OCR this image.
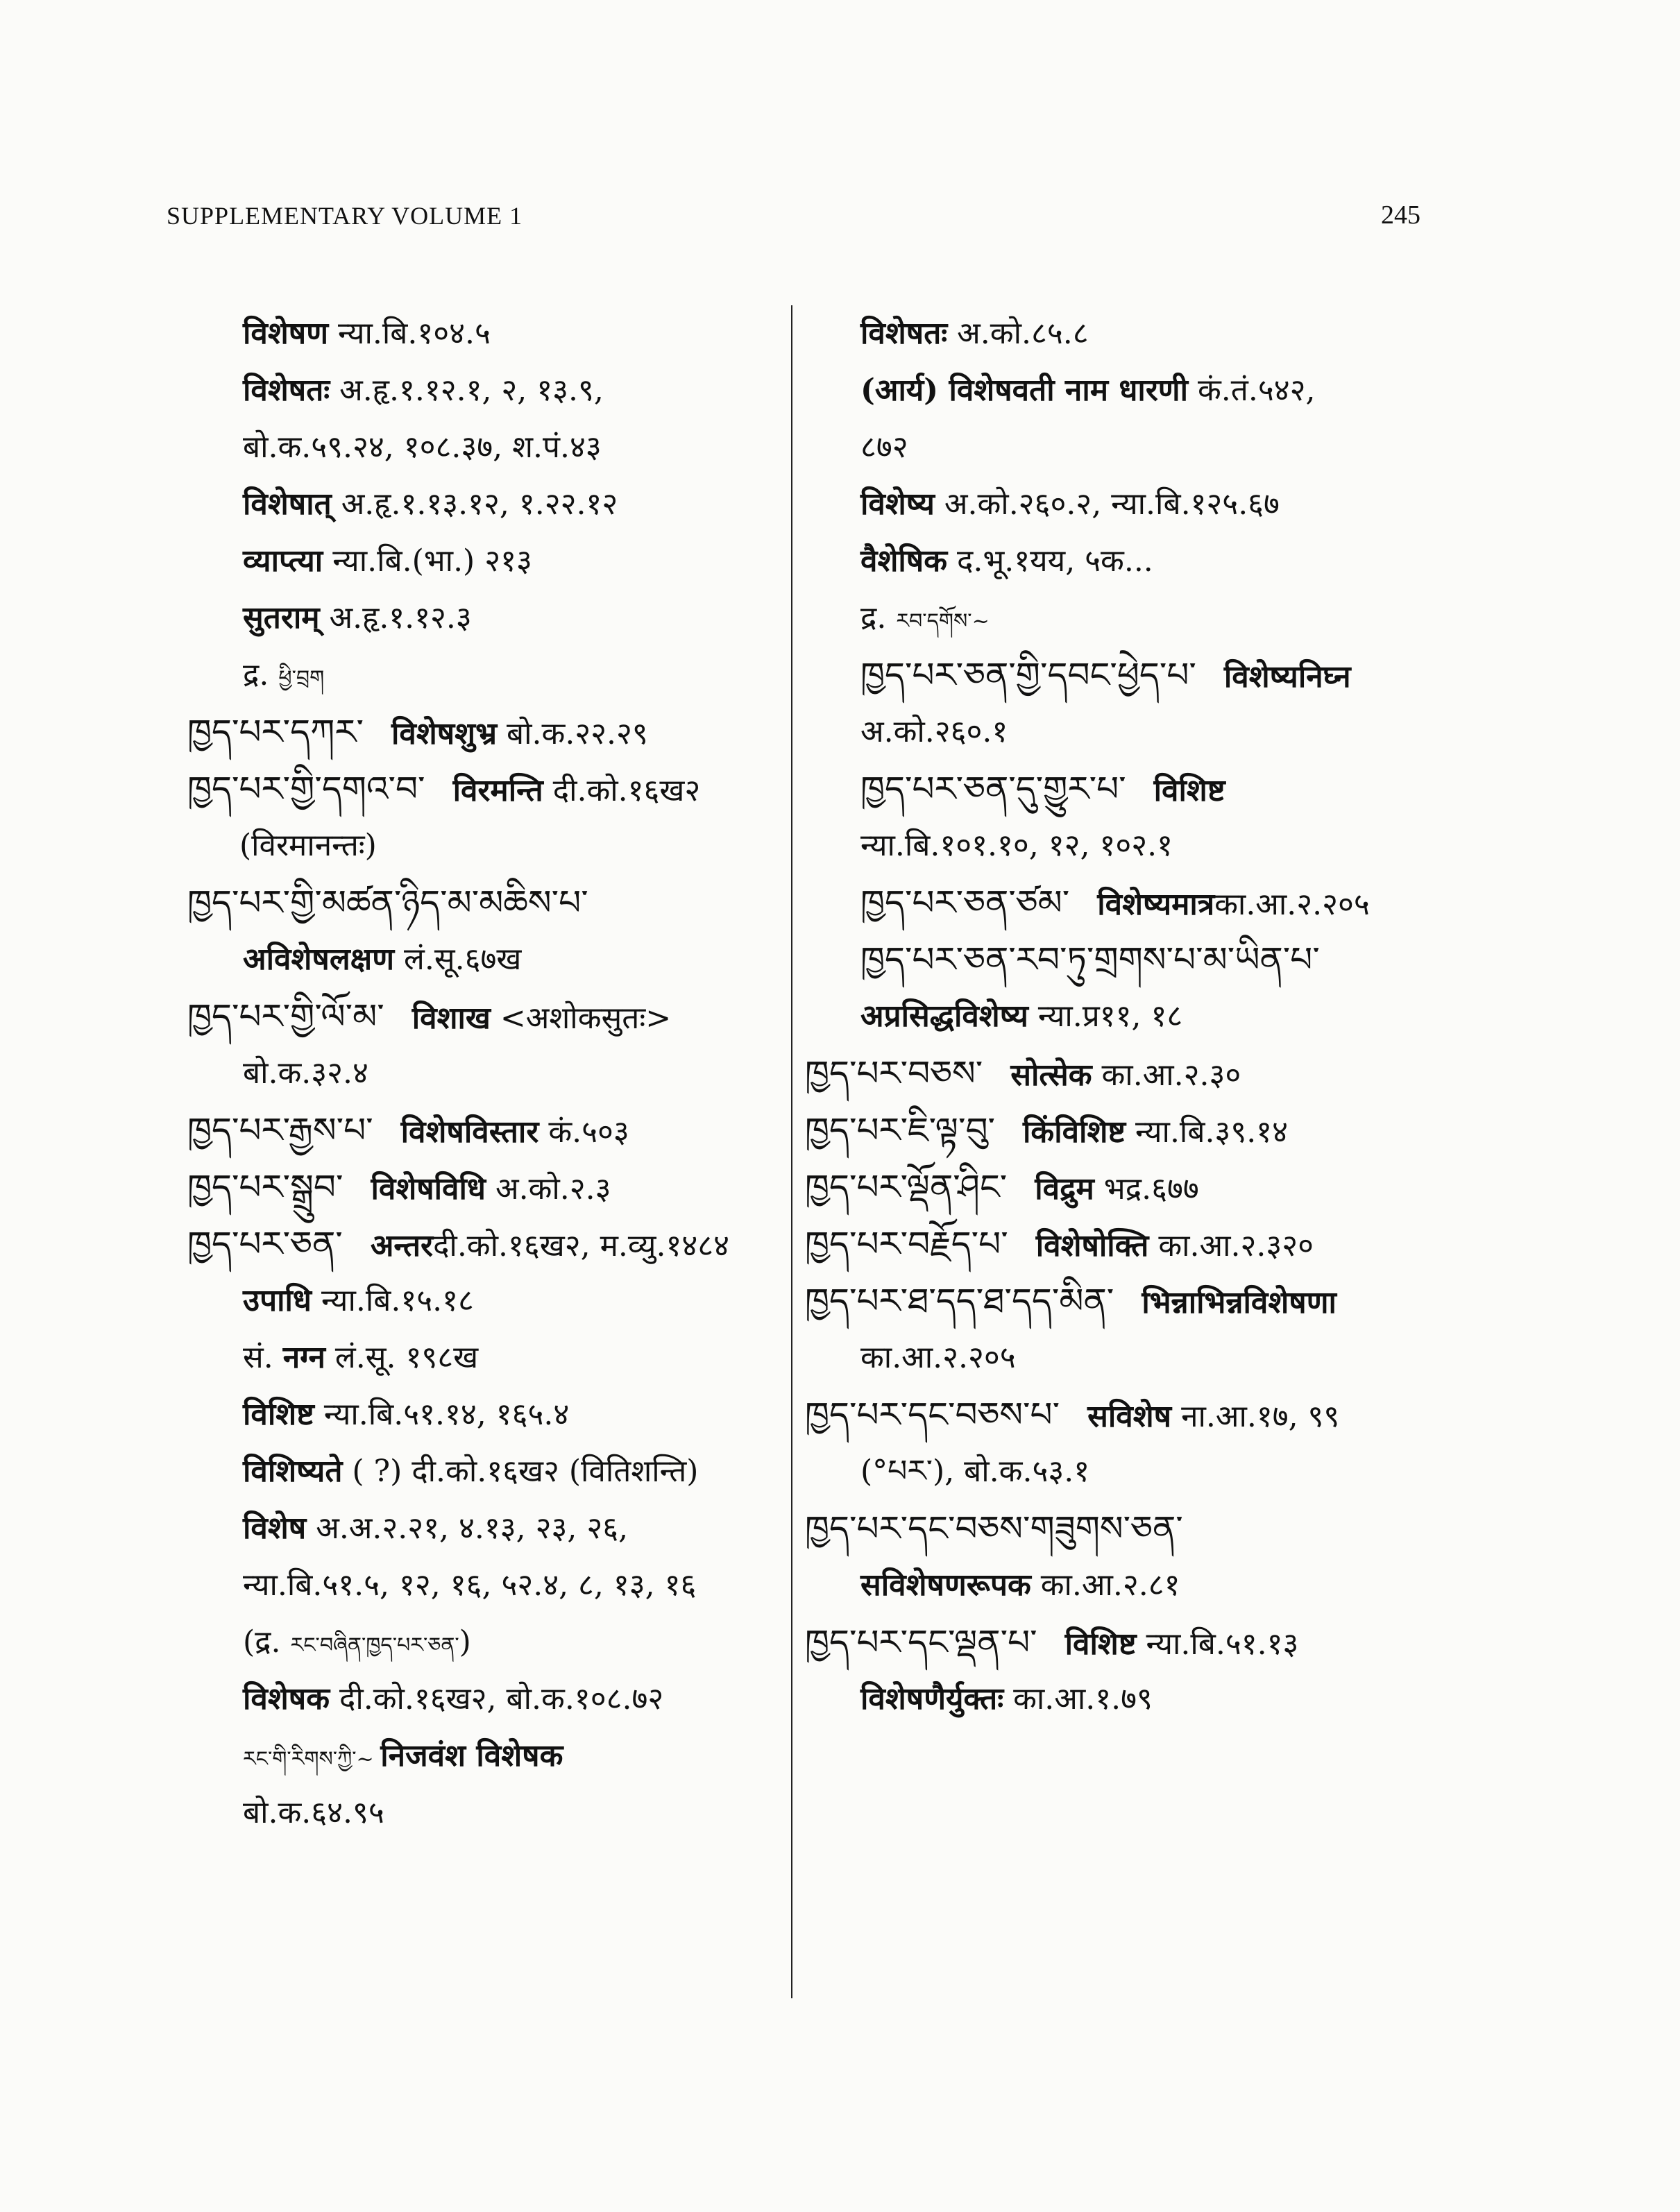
SUPPLEMENTARY VOLUME 1	245
विशेषण न्या.बि.१०४.५
विशेषतः अ.हृ.१.१२.१, २, १३.९,
बो.क.५९.२४, १०८.३७, श.पं.४३
विशेषात् अ.हृ.१.१३.१२, १.२२.१२
व्याप्त्या न्या.बि.(भा.) २१३
सुतराम् अ.हृ.१.१२.३
द्र. ཕྱི་བྲག
ཁྱད་པར་དཀར་ विशेषशुभ्र बो.क.२२.२९
ཁྱད་པར་གྱི་དགའ་བ་ विरमन्ति दी.को.१६ख२
(विरमानन्तः)
ཁྱད་པར་གྱི་མཚན་ཉིད་མ་མཆིས་པ་
अविशेषलक्षण लं.सू.६७ख
ཁྱད་པར་གྱི་ལོ་མ་ विशाख <अशोकसुतः>
बो.क.३२.४
ཁྱད་པར་རྒྱས་པ་ विशेषविस्तार कं.५०३
ཁྱད་པར་སྒྲུབ་ विशेषविधि अ.को.२.३
ཁྱད་པར་ཅན་ अन्तरदी.को.१६ख२, म.व्यु.१४८४
उपाधि न्या.बि.१५.१८
सं. नग्न लं.सू. १९८ख
विशिष्ट न्या.बि.५१.१४, १६५.४
विशिष्यते ( ?) दी.को.१६ख२ (वितिशन्ति)
विशेष अ.अ.२.२१, ४.१३, २३, २६,
न्या.बि.५१.५, १२, १६, ५२.४, ८, १३, १६
(द्र. རང་བཞིན་ཁྱད་པར་ཅན་)
विशेषक दी.को.१६ख२, बो.क.१०८.७२
རང་གི་རིགས་ཀྱི་~ निजवंश विशेषक
बो.क.६४.९५
विशेषतः अ.को.८५.८
(आर्य) विशेषवती नाम धारणी कं.तं.५४२,
८७२
विशेष्य अ.को.२६०.२, न्या.बि.१२५.६७
वैशेषिक द.भू.१यय, ५क...
द्र. རབ་དགོས་~
ཁྱད་པར་ཅན་གྱི་དབང་ཕྱེད་པ་ विशेष्यनिघ्न
अ.को.२६०.१
ཁྱད་པར་ཅན་དུ་གྱུར་པ་ विशिष्ट
न्या.बि.१०१.१०, १२, १०२.१
ཁྱད་པར་ཅན་ཙམ་ विशेष्यमात्रका.आ.२.२०५
ཁྱད་པར་ཅན་རབ་ཏུ་གྲགས་པ་མ་ཡིན་པ་
अप्रसिद्धविशेष्य न्या.प्र११, १८
ཁྱད་པར་བཅས་ सोत्सेक का.आ.२.३०
ཁྱད་པར་ཇི་ལྟ་བུ་ किंविशिष्ट न्या.बि.३९.१४
ཁྱད་པར་ལྡོན་ཤིང་ विद्रुम भद्र.६७७
ཁྱད་པར་བརྗོད་པ་ विशेषोक्ति का.आ.२.३२०
ཁྱད་པར་ཐ་དད་ཐ་དད་མིན་ भिन्नाभिन्नविशेषणा
का.आ.२.२०५
ཁྱད་པར་དང་བཅས་པ་ सविशेष ना.आ.१७, ९९
(°པར་), बो.क.५३.१
ཁྱད་པར་དང་བཅས་གཟུགས་ཅན་
सविशेषणरूपक का.आ.२.८१
ཁྱད་པར་དང་ལྡན་པ་ विशिष्ट न्या.बि.५१.१३
विशेषणैर्युक्तः का.आ.१.७९
